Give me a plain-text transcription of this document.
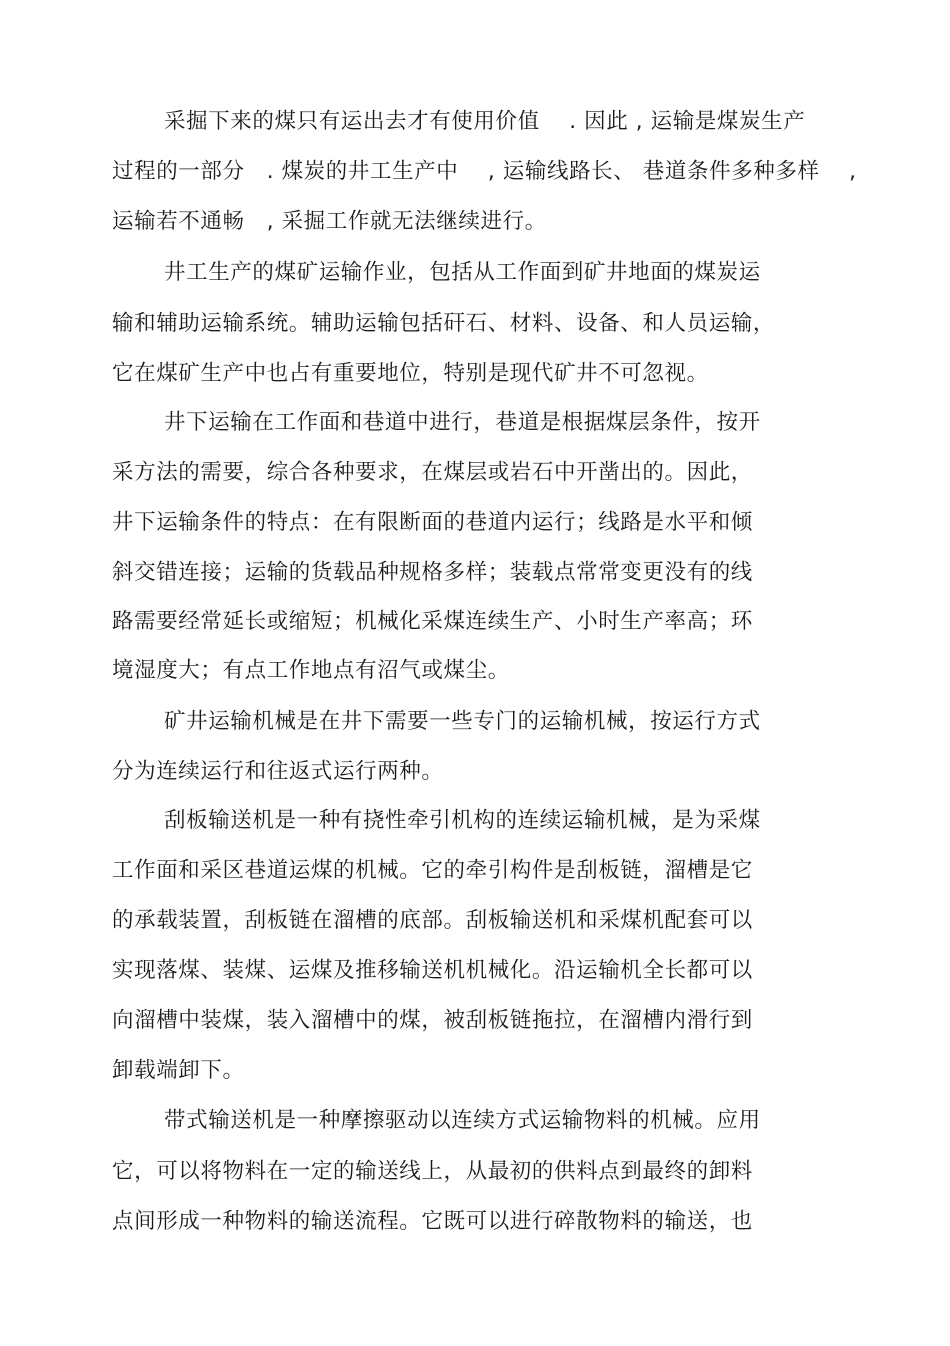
采掘下来的煤只有运出去才有使用价值　 . 因此 , 运输是煤炭生产
过程的一部分　. 煤炭的井工生产中　 , 运输线路长、 巷道条件多种多样　 ,
运输若不通畅　, 采掘工作就无法继续进行。
井工生产的煤矿运输作业，包括从工作面到矿井地面的煤炭运
输和辅助运输系统。辅助运输包括矸石、材料、设备、和人员运输，
它在煤矿生产中也占有重要地位，特别是现代矿井不可忽视。
井下运输在工作面和巷道中进行，巷道是根据煤层条件，按开
采方法的需要，综合各种要求，在煤层或岩石中开凿出的。因此，
井下运输条件的特点：在有限断面的巷道内运行；线路是水平和倾
斜交错连接；运输的货载品种规格多样；装载点常常变更没有的线
路需要经常延长或缩短；机械化采煤连续生产、小时生产率高；环
境湿度大；有点工作地点有沼气或煤尘。
矿井运输机械是在井下需要一些专门的运输机械，按运行方式
分为连续运行和往返式运行两种。
刮板输送机是一种有挠性牵引机构的连续运输机械，是为采煤
工作面和采区巷道运煤的机械。它的牵引构件是刮板链，溜槽是它
的承载装置，刮板链在溜槽的底部。刮板输送机和采煤机配套可以
实现落煤、装煤、运煤及推移输送机机械化。沿运输机全长都可以
向溜槽中装煤，装入溜槽中的煤，被刮板链拖拉，在溜槽内滑行到
卸载端卸下。
带式输送机是一种摩擦驱动以连续方式运输物料的机械。应用
它，可以将物料在一定的输送线上，从最初的供料点到最终的卸料
点间形成一种物料的输送流程。它既可以进行碎散物料的输送，也
